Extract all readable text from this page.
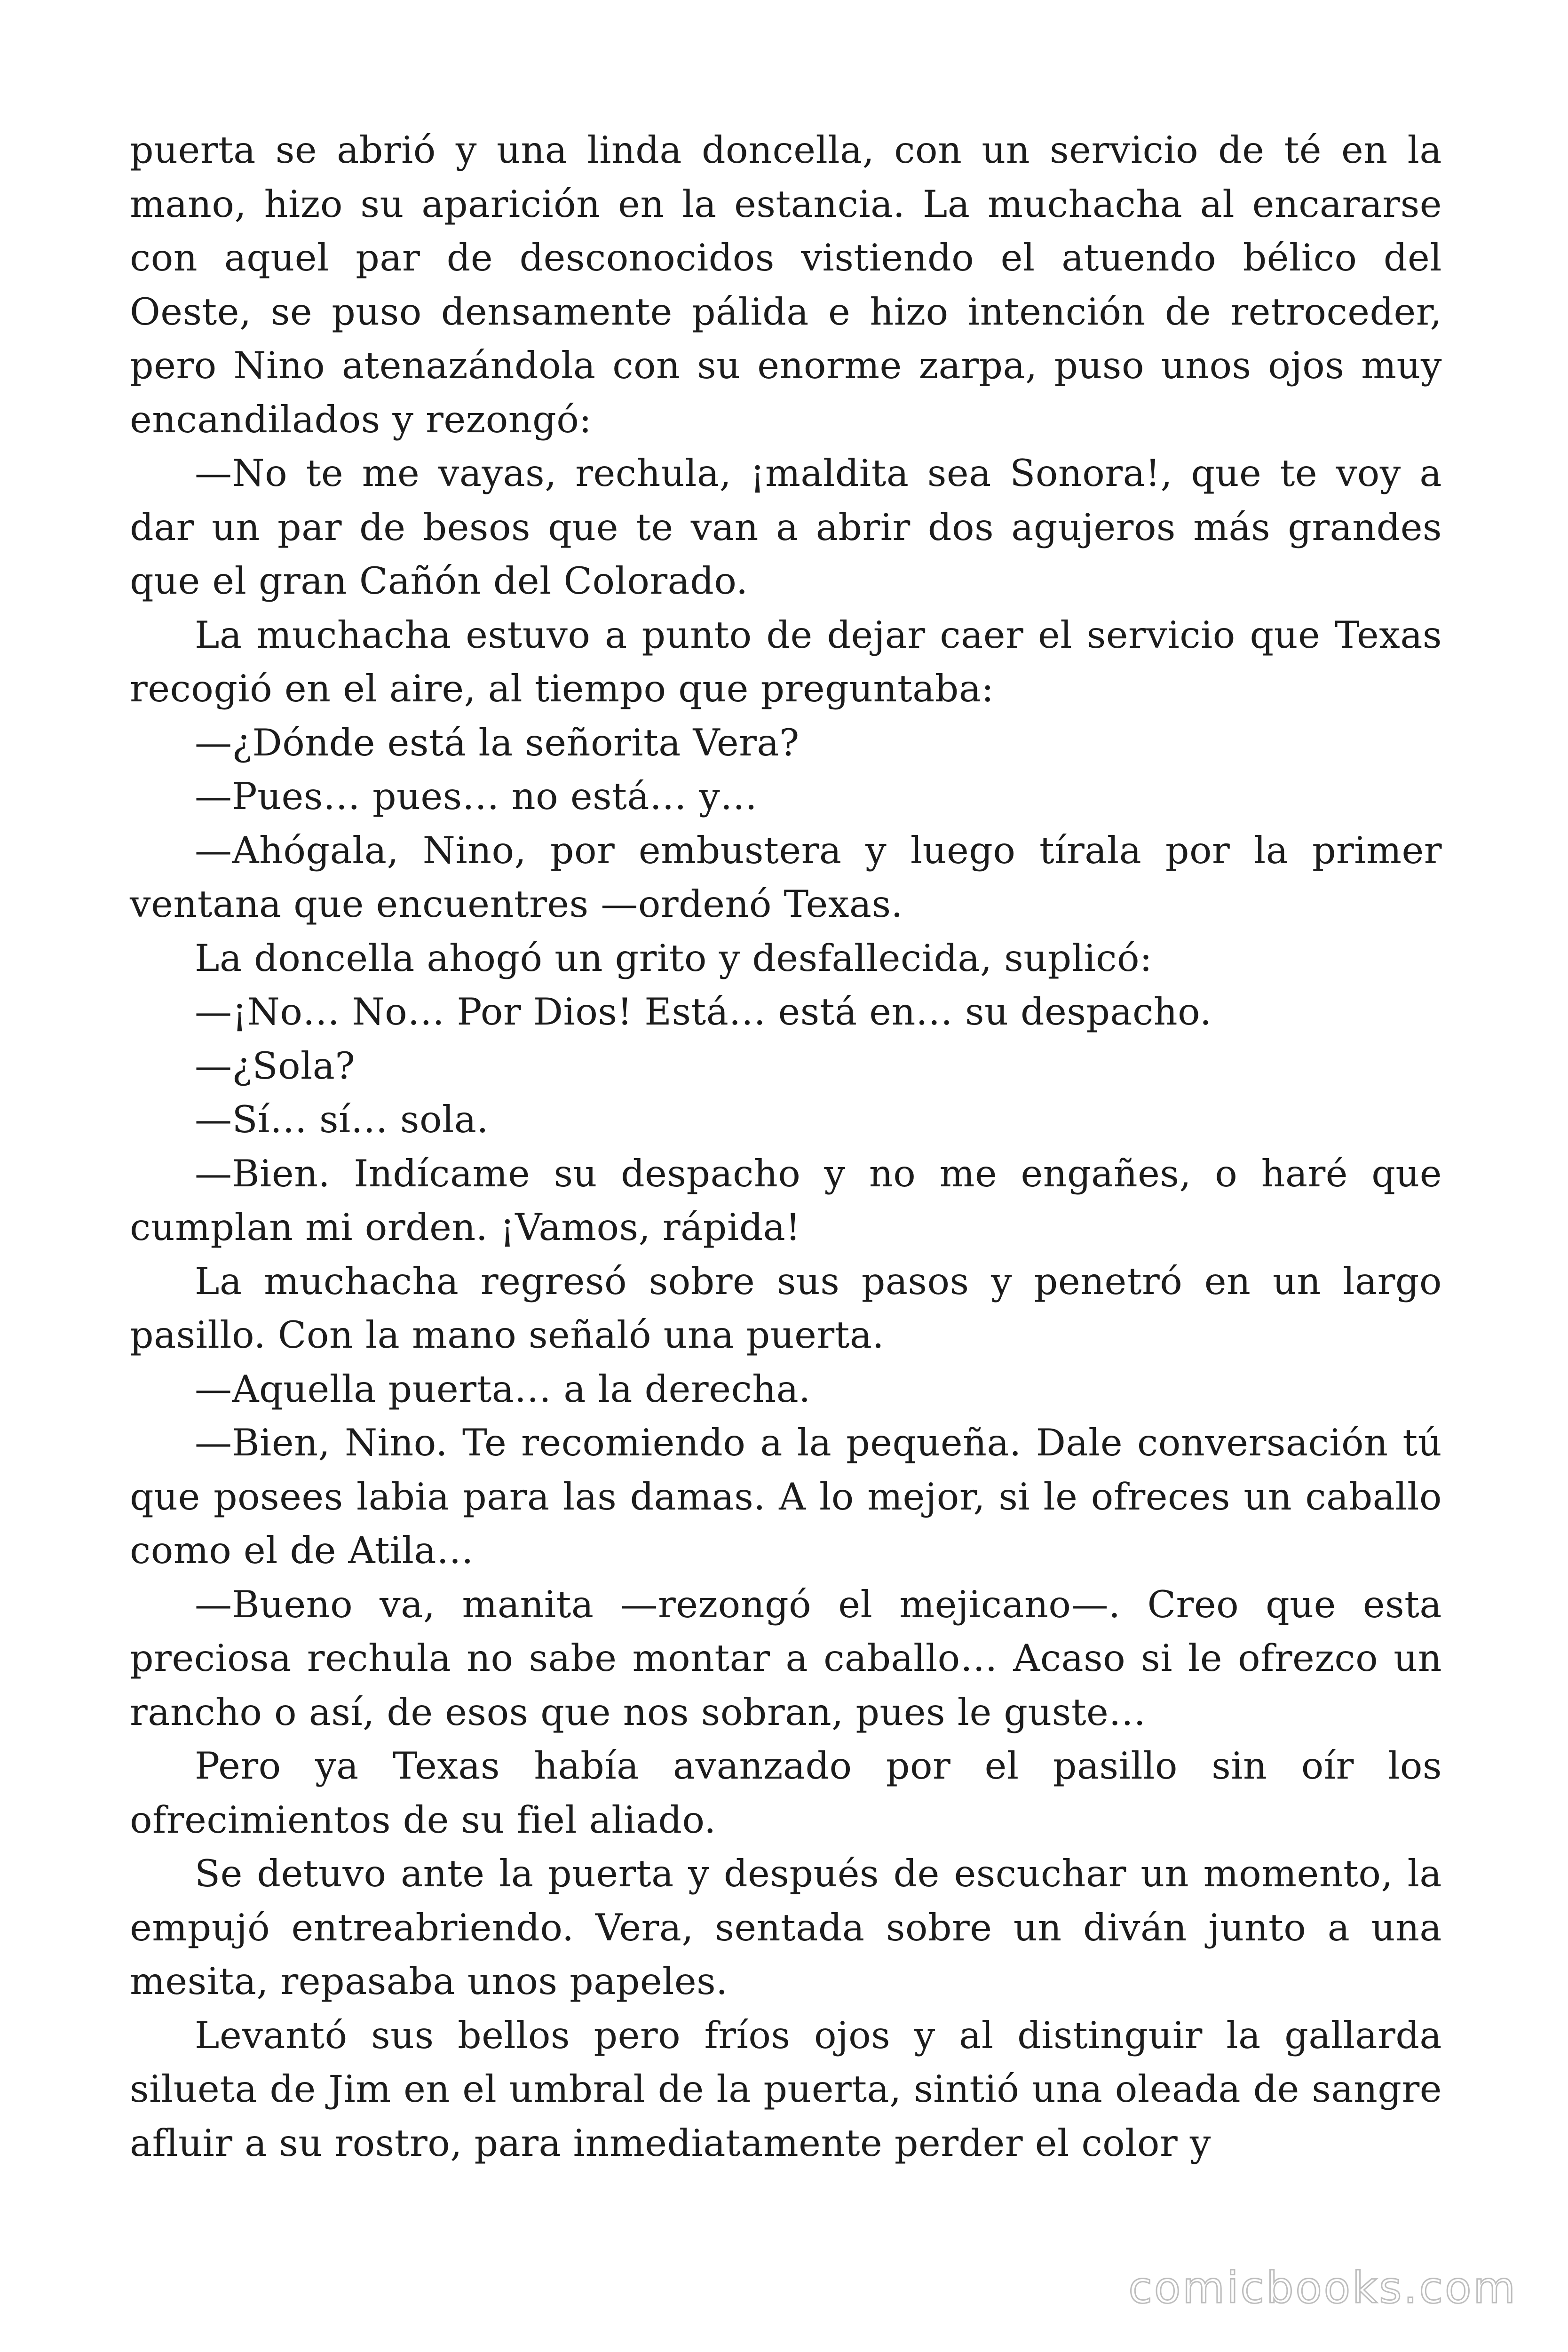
puerta se abrió y una linda doncella, con un servicio de té en la mano, hizo su aparición en la estancia. La muchacha al encararse con aquel par de desconocidos vistiendo el atuendo bélico del Oeste, se puso densamente pálida e hizo intención de retroceder, pero Nino atenazándola con su enorme zarpa, puso unos ojos muy encandilados y rezongó:

—No te me vayas, rechula, ¡maldita sea Sonora!, que te voy a dar un par de besos que te van a abrir dos agujeros más grandes que el gran Cañón del Colorado.

La muchacha estuvo a punto de dejar caer el servicio que Texas recogió en el aire, al tiempo que preguntaba:

—¿Dónde está la señorita Vera?

—Pues… pues… no está… y…

—Ahógala, Nino, por embustera y luego tírala por la primer ventana que encuentres —ordenó Texas.

La doncella ahogó un grito y desfallecida, suplicó:

—¡No… No… Por Dios! Está… está en… su despacho.

—¿Sola?

—Sí… sí… sola.

—Bien. Indícame su despacho y no me engañes, o haré que cumplan mi orden. ¡Vamos, rápida!

La muchacha regresó sobre sus pasos y penetró en un largo pasillo. Con la mano señaló una puerta.

—Aquella puerta… a la derecha.

—Bien, Nino. Te recomiendo a la pequeña. Dale conversación tú que posees labia para las damas. A lo mejor, si le ofreces un caballo como el de Atila…

—Bueno va, manita —rezongó el mejicano—. Creo que esta preciosa rechula no sabe montar a caballo… Acaso si le ofrezco un rancho o así, de esos que nos sobran, pues le guste…

Pero ya Texas había avanzado por el pasillo sin oír los ofrecimientos de su fiel aliado.

Se detuvo ante la puerta y después de escuchar un momento, la empujó entreabriendo. Vera, sentada sobre un diván junto a una mesita, repasaba unos papeles.

Levantó sus bellos pero fríos ojos y al distinguir la gallarda silueta de Jim en el umbral de la puerta, sintió una oleada de sangre afluir a su rostro, para inmediatamente perder el color y

comicbooks.com
